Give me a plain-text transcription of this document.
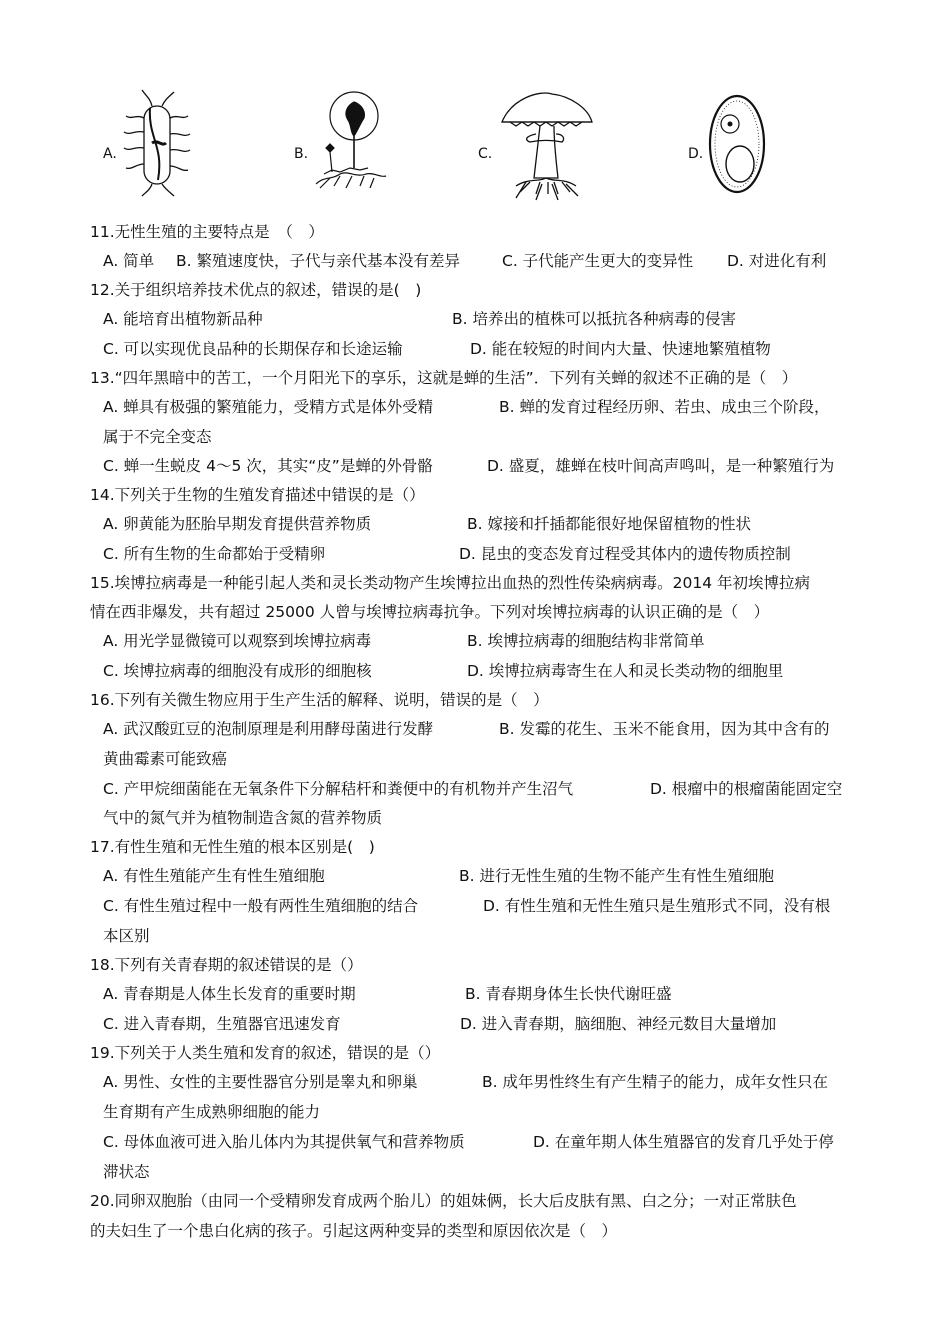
A.	B.	C.	D.
11.无性生殖的主要特点是　（　）
A. 简单 B. 繁殖速度快，子代与亲代基本没有差异	C. 子代能产生更大的变异性 D. 对进化有利
12.关于组织培养技术优点的叙述，错误的是(　)
A. 能培育出植物新品种	B. 培养出的植株可以抵抗各种病毒的侵害
C. 可以实现优良品种的长期保存和长途运输	D. 能在较短的时间内大量、快速地繁殖植物
13.“四年黑暗中的苦工，一个月阳光下的享乐，这就是蝉的生活”．下列有关蝉的叙述不正确的是（　）
A. 蝉具有极强的繁殖能力，受精方式是体外受精	B. 蝉的发育过程经历卵、若虫、成虫三个阶段，
属于不完全变态
C. 蝉一生蜕皮 4～5 次，其实“皮”是蝉的外骨骼	D. 盛夏，雄蝉在枝叶间高声鸣叫，是一种繁殖行为
14.下列关于生物的生殖发育描述中错误的是（）
A. 卵黄能为胚胎早期发育提供营养物质	B. 嫁接和扦插都能很好地保留植物的性状
C. 所有生物的生命都始于受精卵	D. 昆虫的变态发育过程受其体内的遗传物质控制
15.埃博拉病毒是一种能引起人类和灵长类动物产生埃博拉出血热的烈性传染病病毒。2014 年初埃博拉病
情在西非爆发，共有超过 25000 人曾与埃博拉病毒抗争。下列对埃博拉病毒的认识正确的是（　）
A. 用光学显微镜可以观察到埃博拉病毒	B. 埃博拉病毒的细胞结构非常简单
C. 埃博拉病毒的细胞没有成形的细胞核	D. 埃博拉病毒寄生在人和灵长类动物的细胞里
16.下列有关微生物应用于生产生活的解释、说明，错误的是（　）
A. 武汉酸豇豆的泡制原理是利用酵母菌进行发酵	B. 发霉的花生、玉米不能食用，因为其中含有的
黄曲霉素可能致癌
C. 产甲烷细菌能在无氧条件下分解秸杆和粪便中的有机物并产生沼气	D. 根瘤中的根瘤菌能固定空
气中的氮气并为植物制造含氮的营养物质
17.有性生殖和无性生殖的根本区别是(　)
A. 有性生殖能产生有性生殖细胞	B. 进行无性生殖的生物不能产生有性生殖细胞
C. 有性生殖过程中一般有两性生殖细胞的结合	D. 有性生殖和无性生殖只是生殖形式不同，没有根
本区别
18.下列有关青春期的叙述错误的是（）
A. 青春期是人体生长发育的重要时期	B. 青春期身体生长快代谢旺盛
C. 进入青春期，生殖器官迅速发育	D. 进入青春期，脑细胞、神经元数目大量增加
19.下列关于人类生殖和发育的叙述，错误的是（）
A. 男性、女性的主要性器官分别是睾丸和卵巢	B. 成年男性终生有产生精子的能力，成年女性只在
生育期有产生成熟卵细胞的能力
C. 母体血液可进入胎儿体内为其提供氧气和营养物质	D. 在童年期人体生殖器官的发育几乎处于停
滞状态
20.同卵双胞胎（由同一个受精卵发育成两个胎儿）的姐妹俩，长大后皮肤有黑、白之分；一对正常肤色
的夫妇生了一个患白化病的孩子。引起这两种变异的类型和原因依次是（　）
